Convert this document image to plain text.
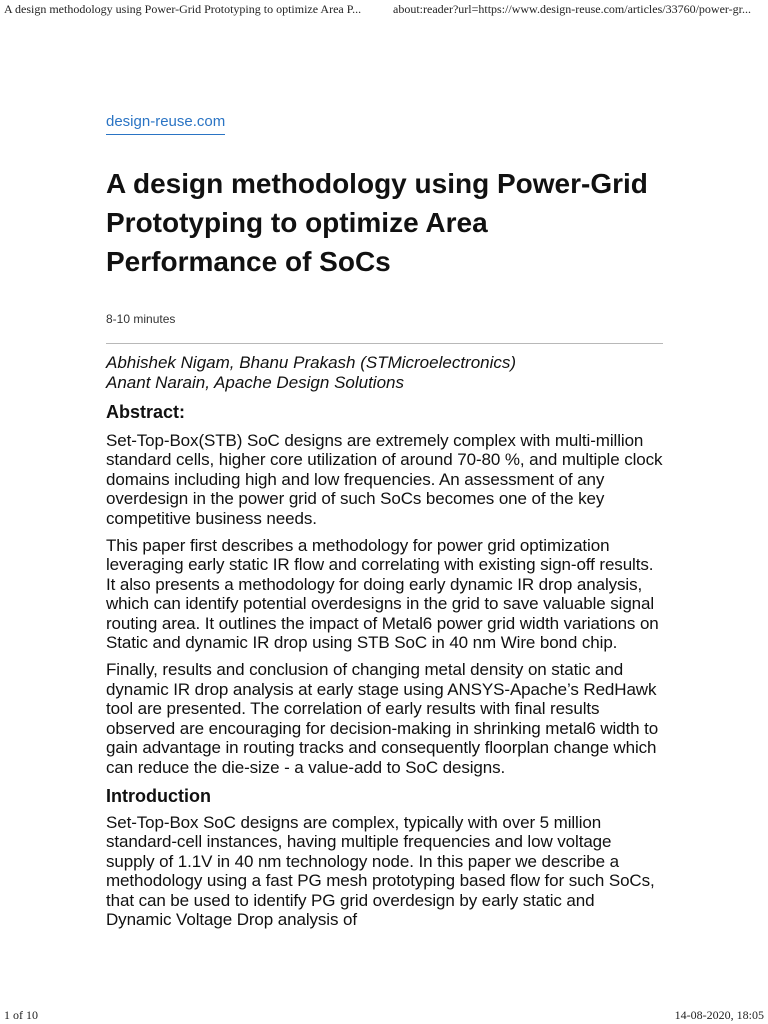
A design methodology using Power-Grid Prototyping to optimize Area P...	about:reader?url=https://www.design-reuse.com/articles/33760/power-gr...
design-reuse.com
A design methodology using Power-Grid Prototyping to optimize Area Performance of SoCs
8-10 minutes
Abhishek Nigam, Bhanu Prakash (STMicroelectronics)
Anant Narain, Apache Design Solutions
Abstract:

Set-Top-Box(STB) SoC designs are extremely complex with multi-million standard cells, higher core utilization of around 70-80 %, and multiple clock domains including high and low frequencies. An assessment of any overdesign in the power grid of such SoCs becomes one of the key competitive business needs.

This paper first describes a methodology for power grid optimization leveraging early static IR flow and correlating with existing sign-off results. It also presents a methodology for doing early dynamic IR drop analysis, which can identify potential overdesigns in the grid to save valuable signal routing area. It outlines the impact of Metal6 power grid width variations on Static and dynamic IR drop using STB SoC in 40 nm Wire bond chip.

Finally, results and conclusion of changing metal density on static and dynamic IR drop analysis at early stage using ANSYS-Apache’s RedHawk tool are presented. The correlation of early results with final results observed are encouraging for decision-making in shrinking metal6 width to gain advantage in routing tracks and consequently floorplan change which can reduce the die-size - a value-add to SoC designs.

Introduction

Set-Top-Box SoC designs are complex, typically with over 5 million standard-cell instances, having multiple frequencies and low voltage supply of 1.1V in 40 nm technology node. In this paper we describe a methodology using a fast PG mesh prototyping based flow for such SoCs, that can be used to identify PG grid overdesign by early static and Dynamic Voltage Drop analysis of

1 of 10	14-08-2020, 18:05
